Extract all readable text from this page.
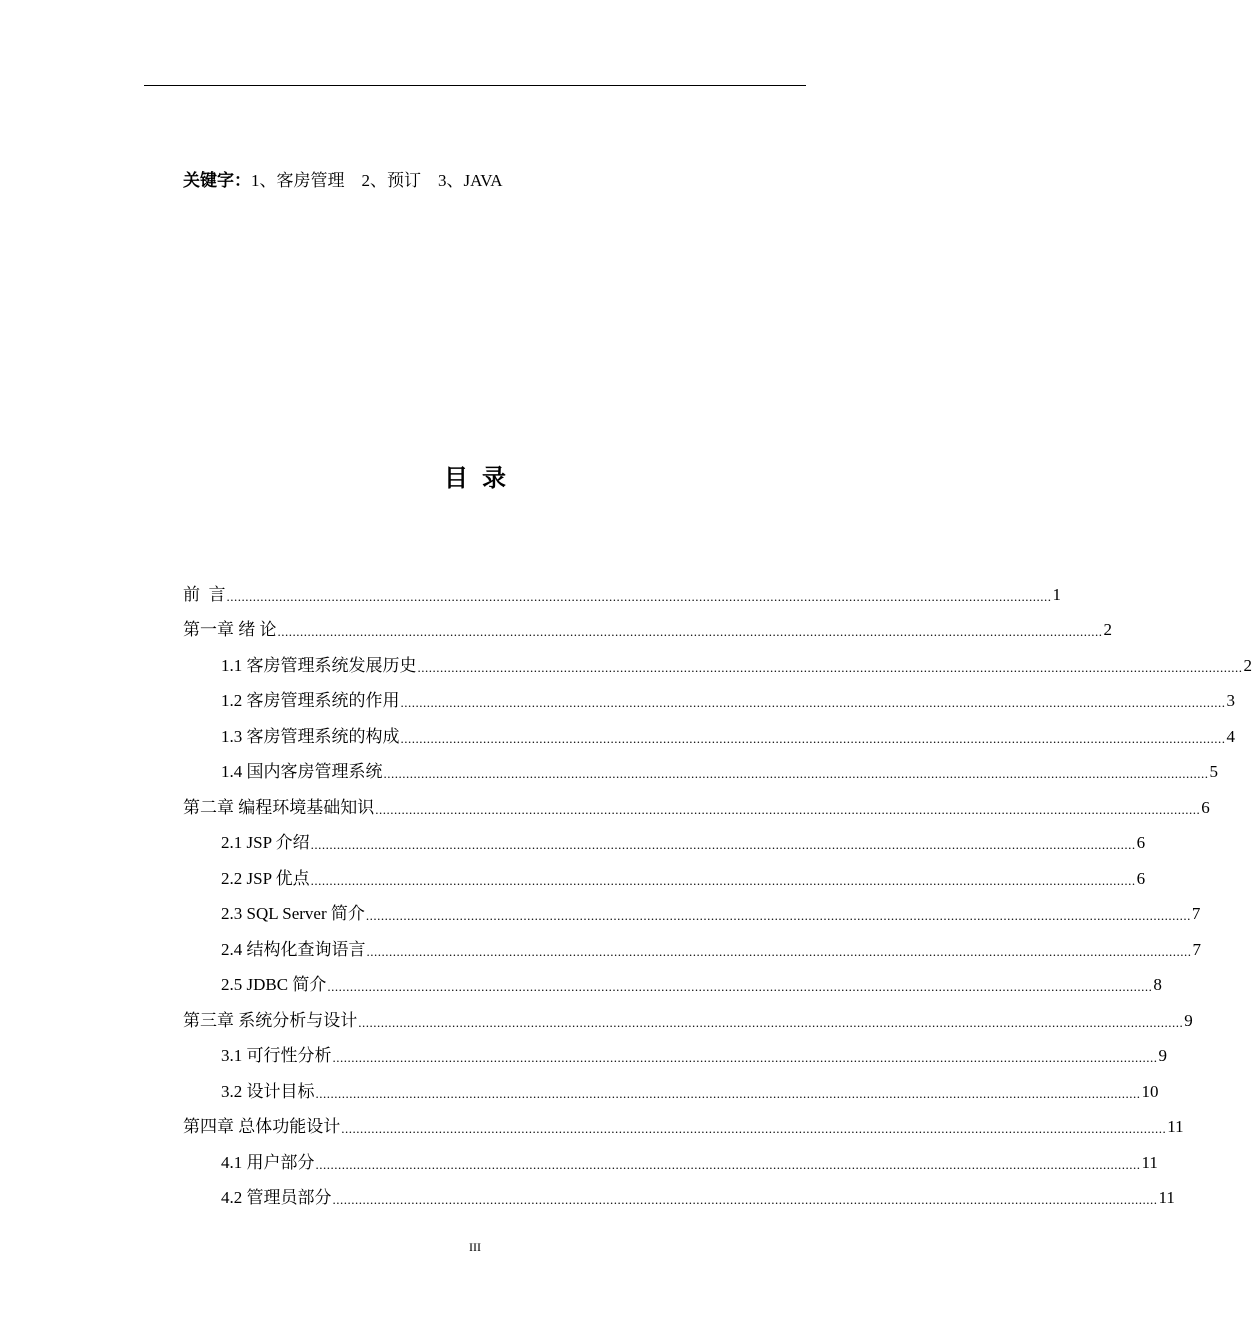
关键字：1、客房管理    2、预订    3、JAVA
目录
前  言 ............................................................................................................................................................................................................................ 1
第一章 绪 论 ............................................................................................................................................................................................................................ 2
1.1 客房管理系统发展历史 ............................................................................................................................................................................................................................ 2
1.2 客房管理系统的作用 ............................................................................................................................................................................................................................ 3
1.3 客房管理系统的构成 ............................................................................................................................................................................................................................ 4
1.4 国内客房管理系统 ............................................................................................................................................................................................................................ 5
第二章 编程环境基础知识 ............................................................................................................................................................................................................................ 6
2.1 JSP 介绍 ............................................................................................................................................................................................................................ 6
2.2 JSP 优点 ............................................................................................................................................................................................................................ 6
2.3 SQL Server 简介 ............................................................................................................................................................................................................................ 7
2.4 结构化查询语言 ............................................................................................................................................................................................................................ 7
2.5 JDBC 简介 ............................................................................................................................................................................................................................ 8
第三章 系统分析与设计 ............................................................................................................................................................................................................................ 9
3.1 可行性分析 ............................................................................................................................................................................................................................ 9
3.2 设计目标 ............................................................................................................................................................................................................................ 10
第四章 总体功能设计 ............................................................................................................................................................................................................................ 11
4.1 用户部分 ............................................................................................................................................................................................................................ 11
4.2 管理员部分 ............................................................................................................................................................................................................................ 11
III
